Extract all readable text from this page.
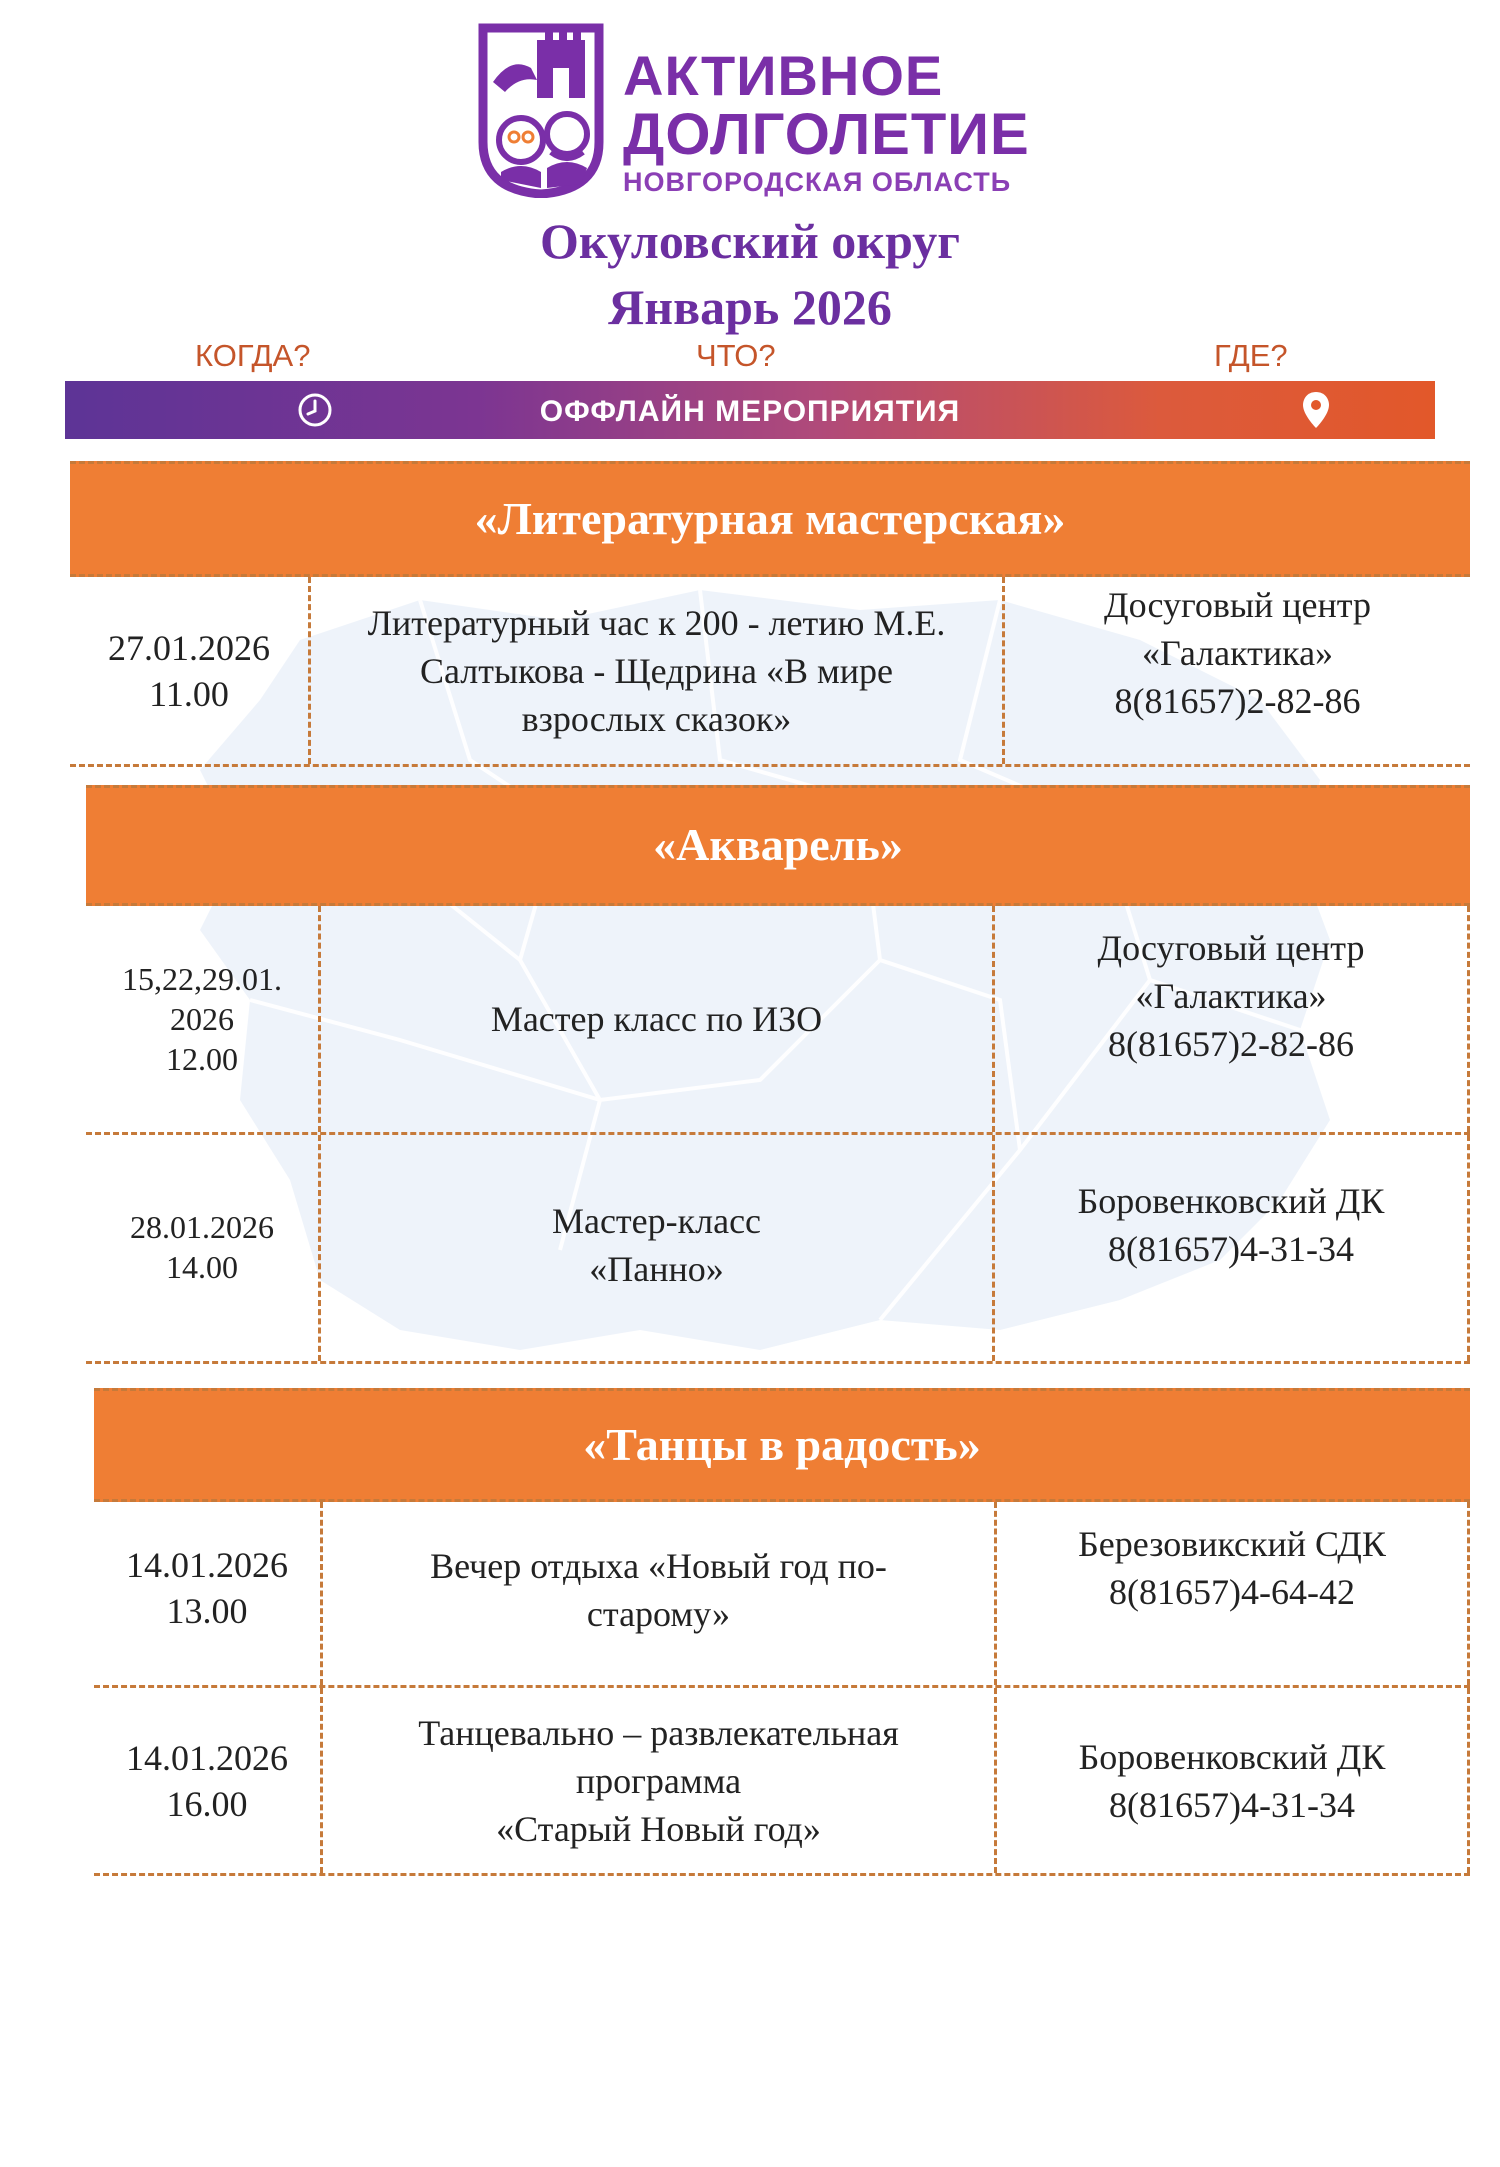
АКТИВНОЕ
ДОЛГОЛЕТИЕ
НОВГОРОДСКАЯ ОБЛАСТЬ
Окуловский округ
Январь 2026
КОГДА?	ЧТО?	ГДЕ?
ОФФЛАЙН МЕРОПРИЯТИЯ
«Литературная мастерская»
27.01.2026
11.00
Литературный час к 200 - летию М.Е.
Салтыкова - Щедрина «В мире
взрослых сказок»
Досуговый центр
«Галактика»
8(81657)2-82-86
«Акварель»
15,22,29.01.
2026
12.00
Мастер класс по ИЗО
Досуговый центр
«Галактика»
8(81657)2-82-86
28.01.2026
14.00
Мастер-класс
«Панно»
Боровенковский ДК
8(81657)4-31-34
«Танцы в радость»
14.01.2026
13.00
Вечер отдыха «Новый год по-
старому»
Березовикский СДК
8(81657)4-64-42
14.01.2026
16.00
Танцевально – развлекательная
программа
«Старый Новый год»
Боровенковский ДК
8(81657)4-31-34
